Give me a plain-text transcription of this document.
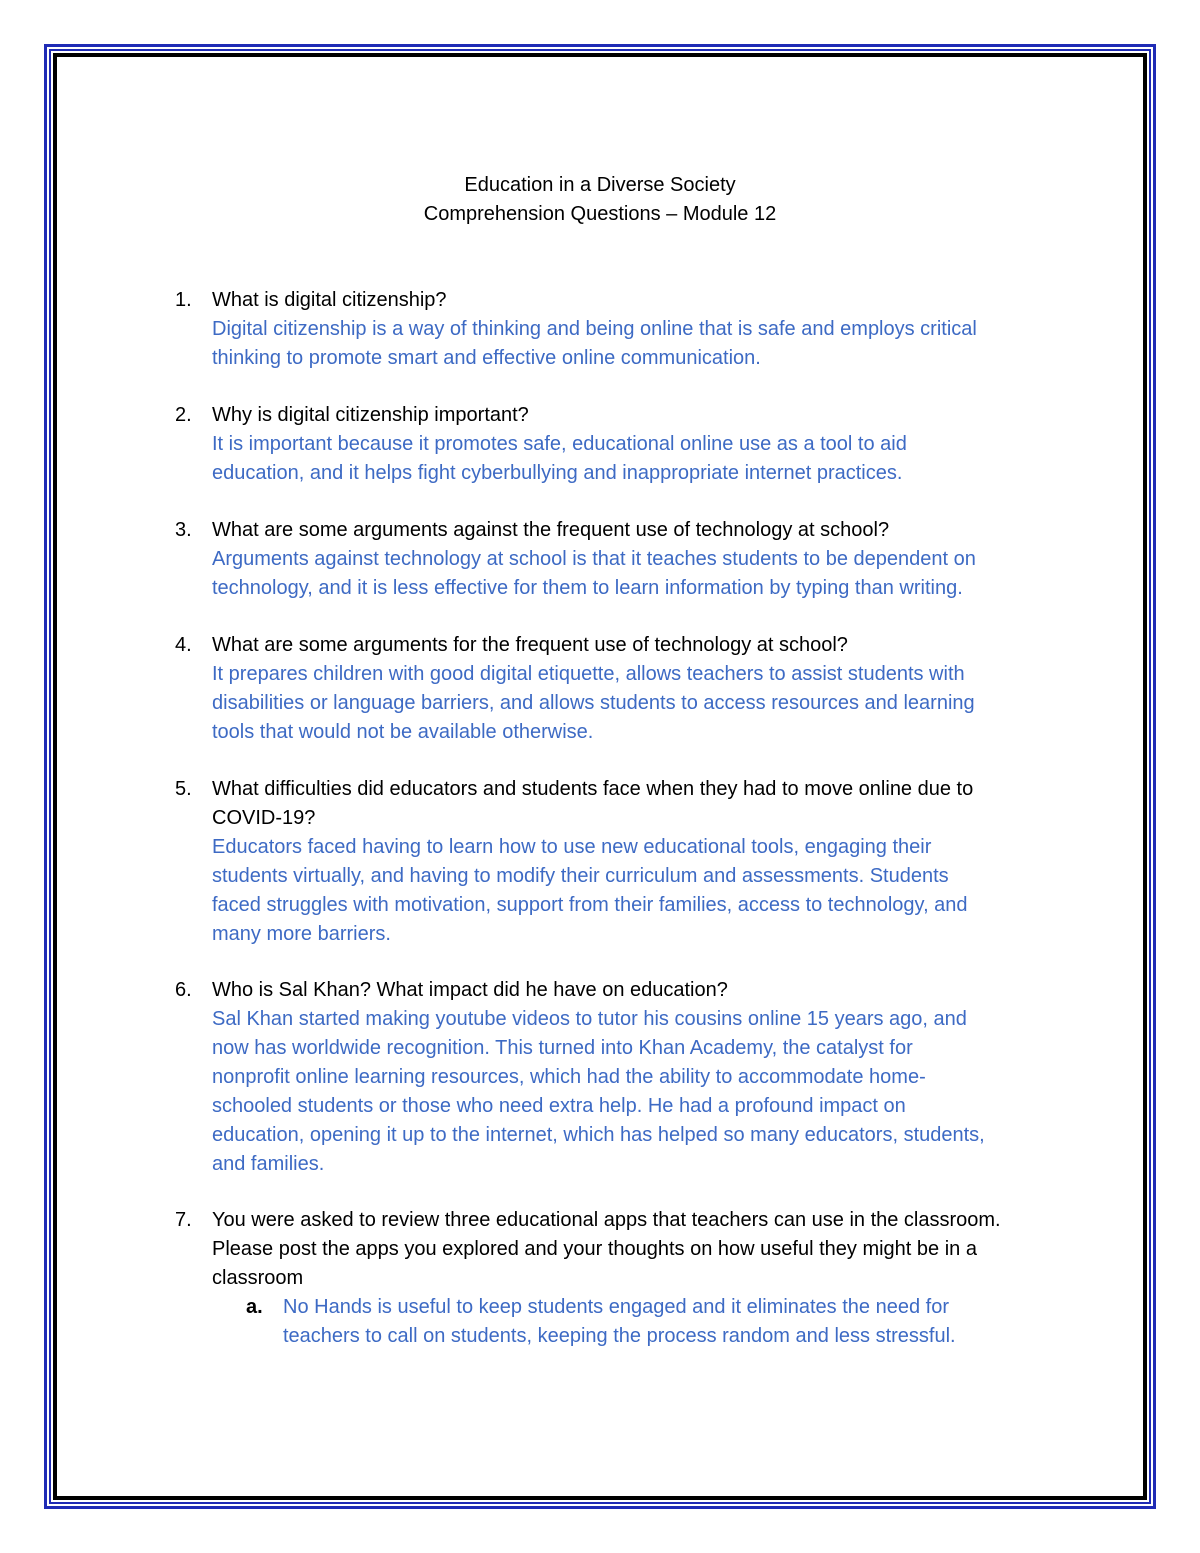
Education in a Diverse Society
Comprehension Questions – Module 12
1. What is digital citizenship?
Digital citizenship is a way of thinking and being online that is safe and employs critical
thinking to promote smart and effective online communication.
2. Why is digital citizenship important?
It is important because it promotes safe, educational online use as a tool to aid
education, and it helps fight cyberbullying and inappropriate internet practices.
3. What are some arguments against the frequent use of technology at school?
Arguments against technology at school is that it teaches students to be dependent on
technology, and it is less effective for them to learn information by typing than writing.
4. What are some arguments for the frequent use of technology at school?
It prepares children with good digital etiquette, allows teachers to assist students with
disabilities or language barriers, and allows students to access resources and learning
tools that would not be available otherwise.
5. What difficulties did educators and students face when they had to move online due to
COVID-19?
Educators faced having to learn how to use new educational tools, engaging their
students virtually, and having to modify their curriculum and assessments. Students
faced struggles with motivation, support from their families, access to technology, and
many more barriers.
6. Who is Sal Khan? What impact did he have on education?
Sal Khan started making youtube videos to tutor his cousins online 15 years ago, and
now has worldwide recognition. This turned into Khan Academy, the catalyst for
nonprofit online learning resources, which had the ability to accommodate home-
schooled students or those who need extra help. He had a profound impact on
education, opening it up to the internet, which has helped so many educators, students,
and families.
7. You were asked to review three educational apps that teachers can use in the classroom.
Please post the apps you explored and your thoughts on how useful they might be in a
classroom
a. No Hands is useful to keep students engaged and it eliminates the need for
teachers to call on students, keeping the process random and less stressful.
